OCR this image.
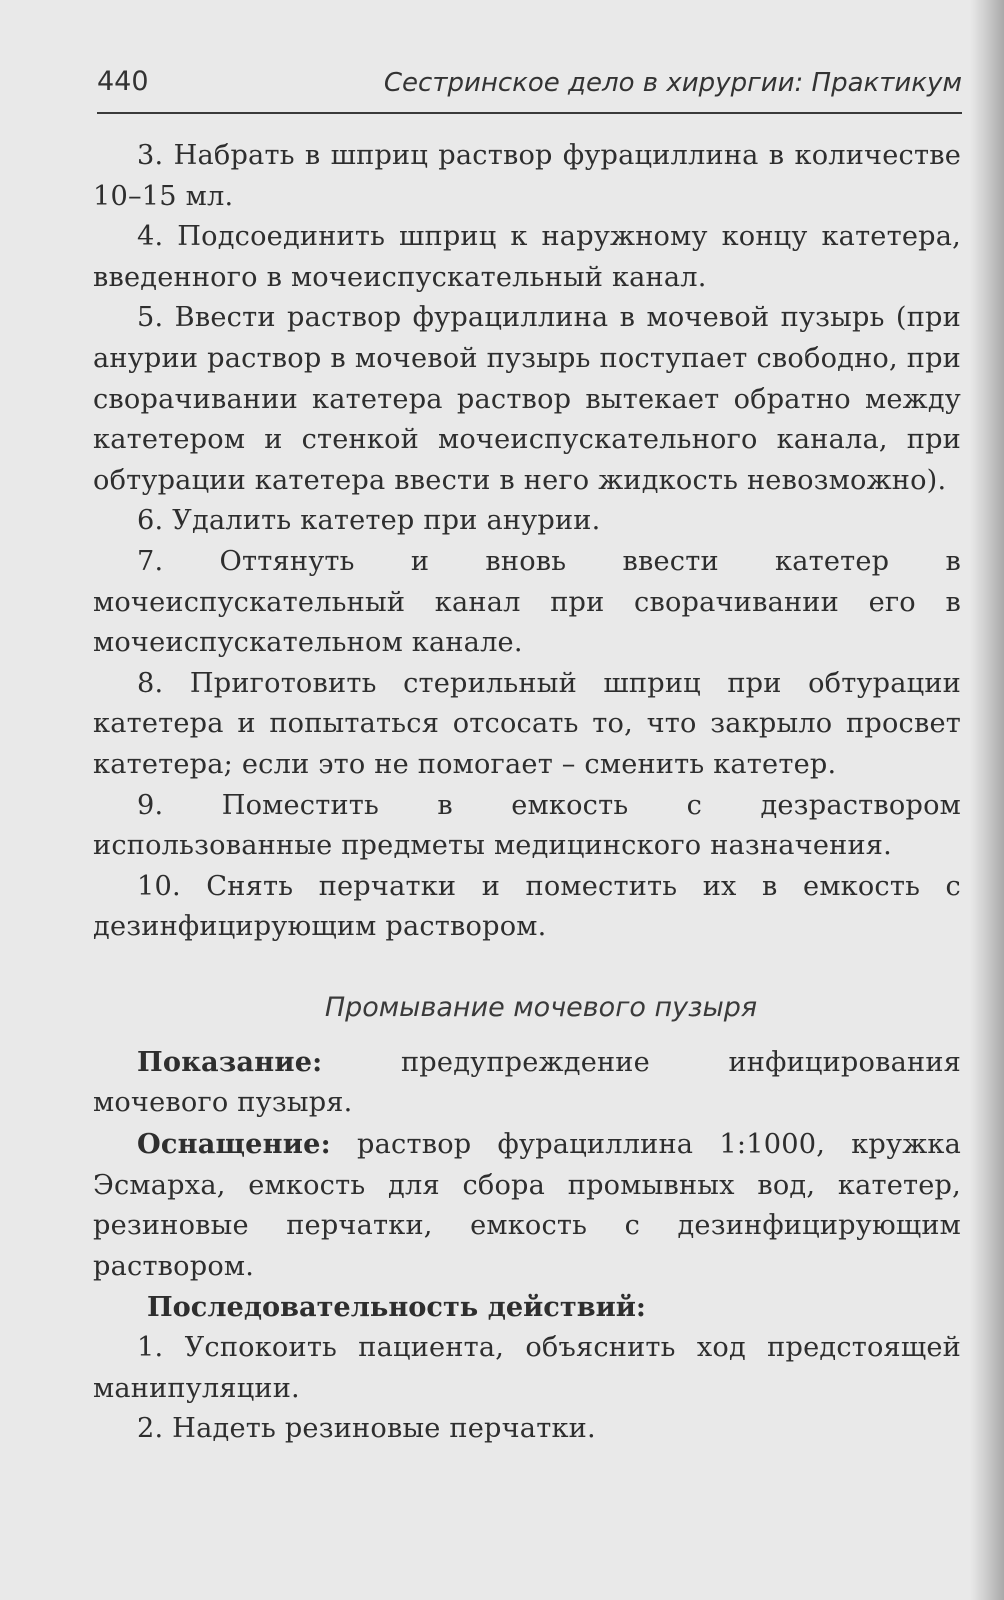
440	Сестринское дело в хирургии: Практикум

3. Набрать в шприц раствор фурациллина в количестве 10–15 мл.

4. Подсоединить шприц к наружному концу катетера, введенного в мочеиспускательный канал.

5. Ввести раствор фурациллина в мочевой пузырь (при анурии раствор в мочевой пузырь поступает свободно, при сворачивании катетера раствор вытекает обратно между катетером и стенкой мочеиспускательного канала, при обтурации катетера ввести в него жидкость невозможно).

6. Удалить катетер при анурии.

7. Оттянуть и вновь ввести катетер в мочеиспускательный канал при сворачивании его в мочеиспускательном канале.

8. Приготовить стерильный шприц при обтурации катетера и попытаться отсосать то, что закрыло просвет катетера; если это не помогает – сменить катетер.

9. Поместить в емкость с дезраствором использованные предметы медицинского назначения.

10. Снять перчатки и поместить их в емкость с дезинфицирующим раствором.

Промывание мочевого пузыря

Показание: предупреждение инфицирования мочевого пузыря.

Оснащение: раствор фурациллина 1:1000, кружка Эсмарха, емкость для сбора промывных вод, катетер, резиновые перчатки, емкость с дезинфицирующим раствором.

Последовательность действий:

1. Успокоить пациента, объяснить ход предстоящей манипуляции.

2. Надеть резиновые перчатки.
